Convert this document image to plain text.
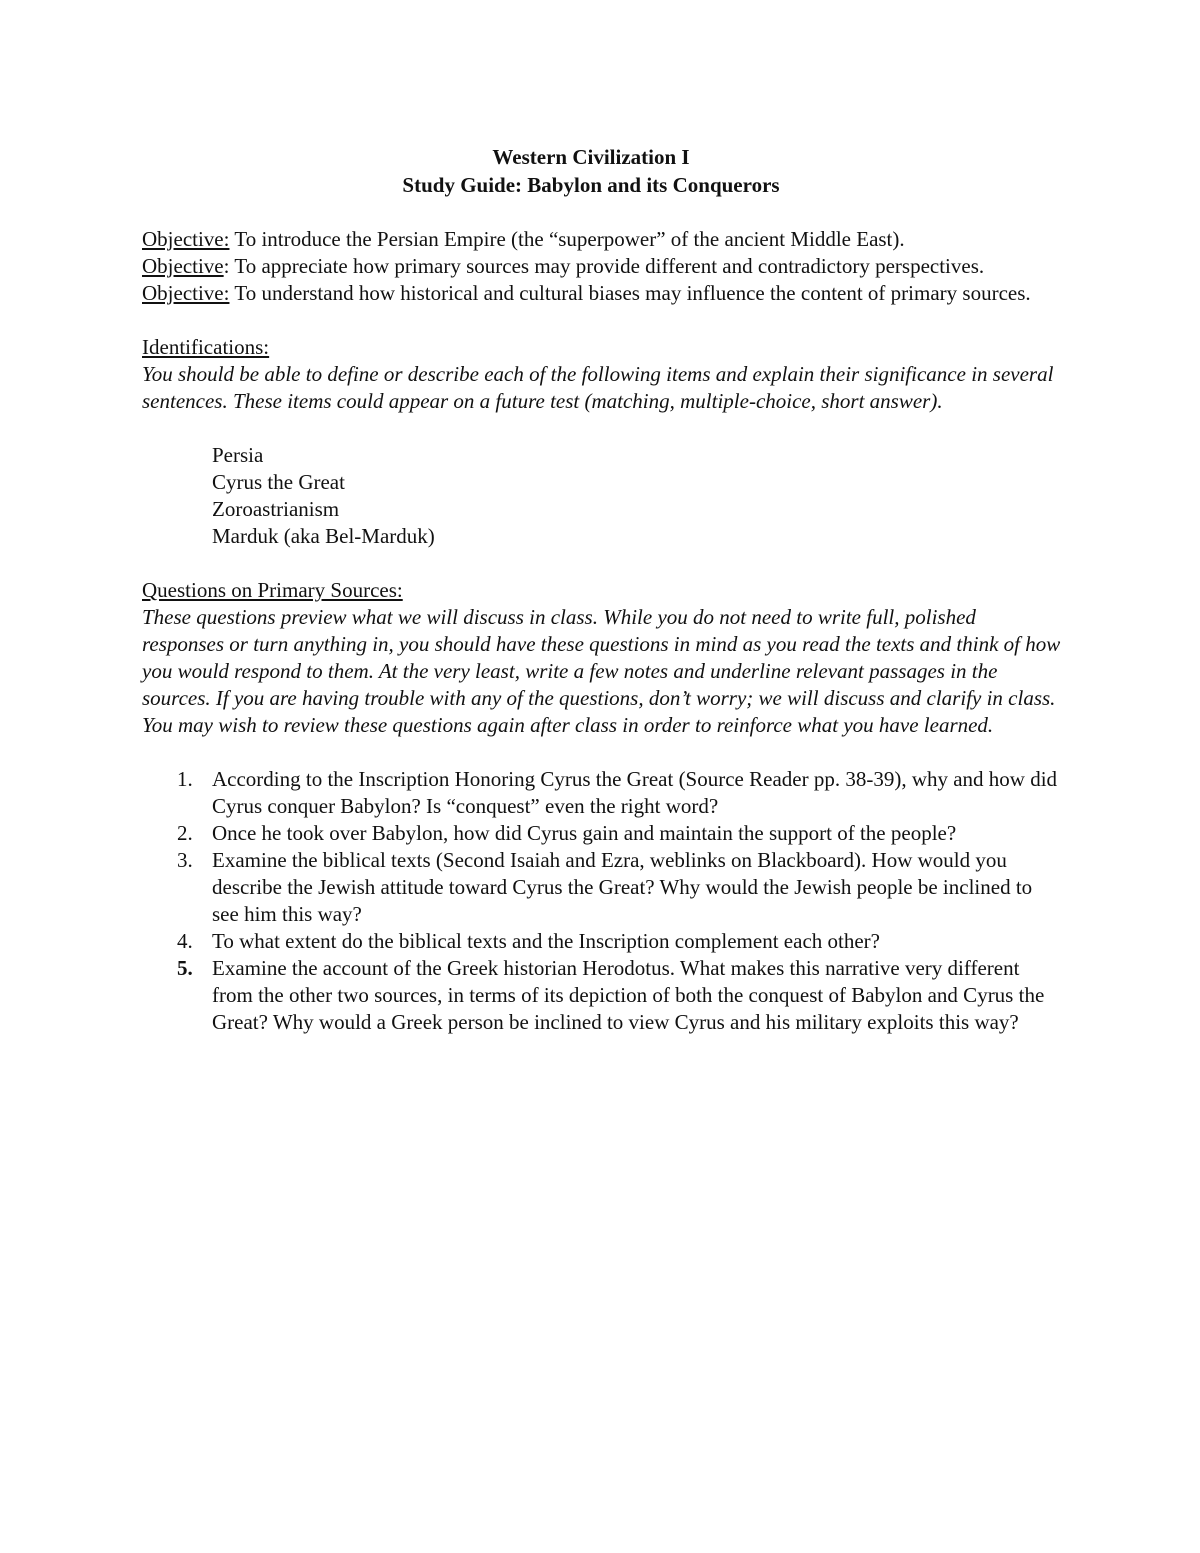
Western Civilization I
Study Guide: Babylon and its Conquerors
Objective: To introduce the Persian Empire (the “superpower” of the ancient Middle East).
Objective: To appreciate how primary sources may provide different and contradictory perspectives.
Objective: To understand how historical and cultural biases may influence the content of primary sources.
Identifications:
You should be able to define or describe each of the following items and explain their significance in several sentences. These items could appear on a future test (matching, multiple-choice, short answer).
Persia
Cyrus the Great
Zoroastrianism
Marduk (aka Bel-Marduk)
Questions on Primary Sources:
These questions preview what we will discuss in class. While you do not need to write full, polished responses or turn anything in, you should have these questions in mind as you read the texts and think of how you would respond to them. At the very least, write a few notes and underline relevant passages in the sources. If you are having trouble with any of the questions, don’t worry; we will discuss and clarify in class. You may wish to review these questions again after class in order to reinforce what you have learned.
1. According to the Inscription Honoring Cyrus the Great (Source Reader pp. 38-39), why and how did Cyrus conquer Babylon? Is “conquest” even the right word?
2. Once he took over Babylon, how did Cyrus gain and maintain the support of the people?
3. Examine the biblical texts (Second Isaiah and Ezra, weblinks on Blackboard). How would you describe the Jewish attitude toward Cyrus the Great? Why would the Jewish people be inclined to see him this way?
4. To what extent do the biblical texts and the Inscription complement each other?
5. Examine the account of the Greek historian Herodotus. What makes this narrative very different from the other two sources, in terms of its depiction of both the conquest of Babylon and Cyrus the Great? Why would a Greek person be inclined to view Cyrus and his military exploits this way?
